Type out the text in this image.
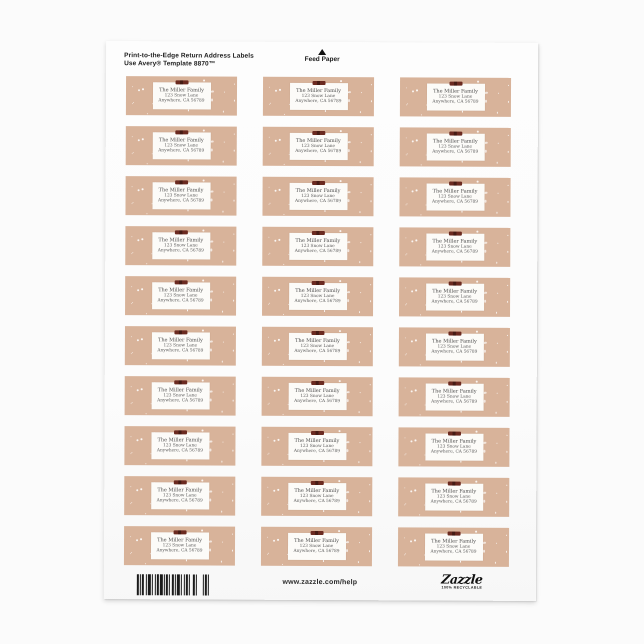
Print-to-the-Edge Return Address Labels
Use Avery® Template 8870™
Feed Paper
The Miller Family
123 Snow Lane
Anywhere, CA 56789
The Miller Family
123 Snow Lane
Anywhere, CA 56789
The Miller Family
123 Snow Lane
Anywhere, CA 56789
The Miller Family
123 Snow Lane
Anywhere, CA 56789
The Miller Family
123 Snow Lane
Anywhere, CA 56789
The Miller Family
123 Snow Lane
Anywhere, CA 56789
The Miller Family
123 Snow Lane
Anywhere, CA 56789
The Miller Family
123 Snow Lane
Anywhere, CA 56789
The Miller Family
123 Snow Lane
Anywhere, CA 56789
The Miller Family
123 Snow Lane
Anywhere, CA 56789
The Miller Family
123 Snow Lane
Anywhere, CA 56789
The Miller Family
123 Snow Lane
Anywhere, CA 56789
The Miller Family
123 Snow Lane
Anywhere, CA 56789
The Miller Family
123 Snow Lane
Anywhere, CA 56789
The Miller Family
123 Snow Lane
Anywhere, CA 56789
The Miller Family
123 Snow Lane
Anywhere, CA 56789
The Miller Family
123 Snow Lane
Anywhere, CA 56789
The Miller Family
123 Snow Lane
Anywhere, CA 56789
The Miller Family
123 Snow Lane
Anywhere, CA 56789
The Miller Family
123 Snow Lane
Anywhere, CA 56789
The Miller Family
123 Snow Lane
Anywhere, CA 56789
The Miller Family
123 Snow Lane
Anywhere, CA 56789
The Miller Family
123 Snow Lane
Anywhere, CA 56789
The Miller Family
123 Snow Lane
Anywhere, CA 56789
The Miller Family
123 Snow Lane
Anywhere, CA 56789
The Miller Family
123 Snow Lane
Anywhere, CA 56789
The Miller Family
123 Snow Lane
Anywhere, CA 56789
The Miller Family
123 Snow Lane
Anywhere, CA 56789
The Miller Family
123 Snow Lane
Anywhere, CA 56789
The Miller Family
123 Snow Lane
Anywhere, CA 56789
www.zazzle.com/help	Zazzle
100% RECYCLABLE
